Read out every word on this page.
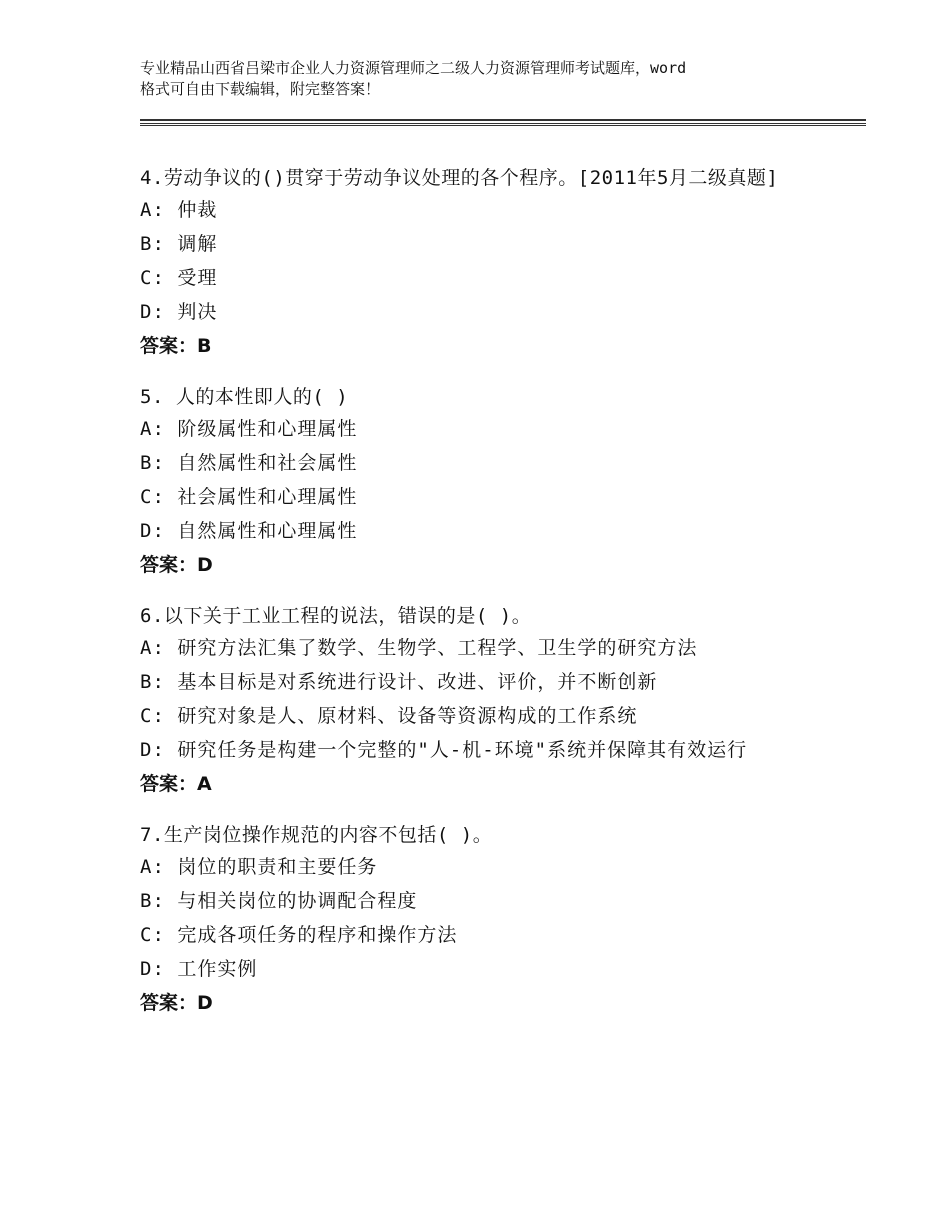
专业精品山西省吕梁市企业人力资源管理师之二级人力资源管理师考试题库，word
格式可自由下载编辑，附完整答案！
4.劳动争议的()贯穿于劳动争议处理的各个程序。[2011年5月二级真题]
A: 仲裁
B: 调解
C: 受理
D: 判决
答案：B
5. 人的本性即人的( )
A: 阶级属性和心理属性
B: 自然属性和社会属性
C: 社会属性和心理属性
D: 自然属性和心理属性
答案：D
6.以下关于工业工程的说法，错误的是( )。
A: 研究方法汇集了数学、生物学、工程学、卫生学的研究方法
B: 基本目标是对系统进行设计、改进、评价，并不断创新
C: 研究对象是人、原材料、设备等资源构成的工作系统
D: 研究任务是构建一个完整的"人-机-环境"系统并保障其有效运行
答案：A
7.生产岗位操作规范的内容不包括( )。
A: 岗位的职责和主要任务
B: 与相关岗位的协调配合程度
C: 完成各项任务的程序和操作方法
D: 工作实例
答案：D
